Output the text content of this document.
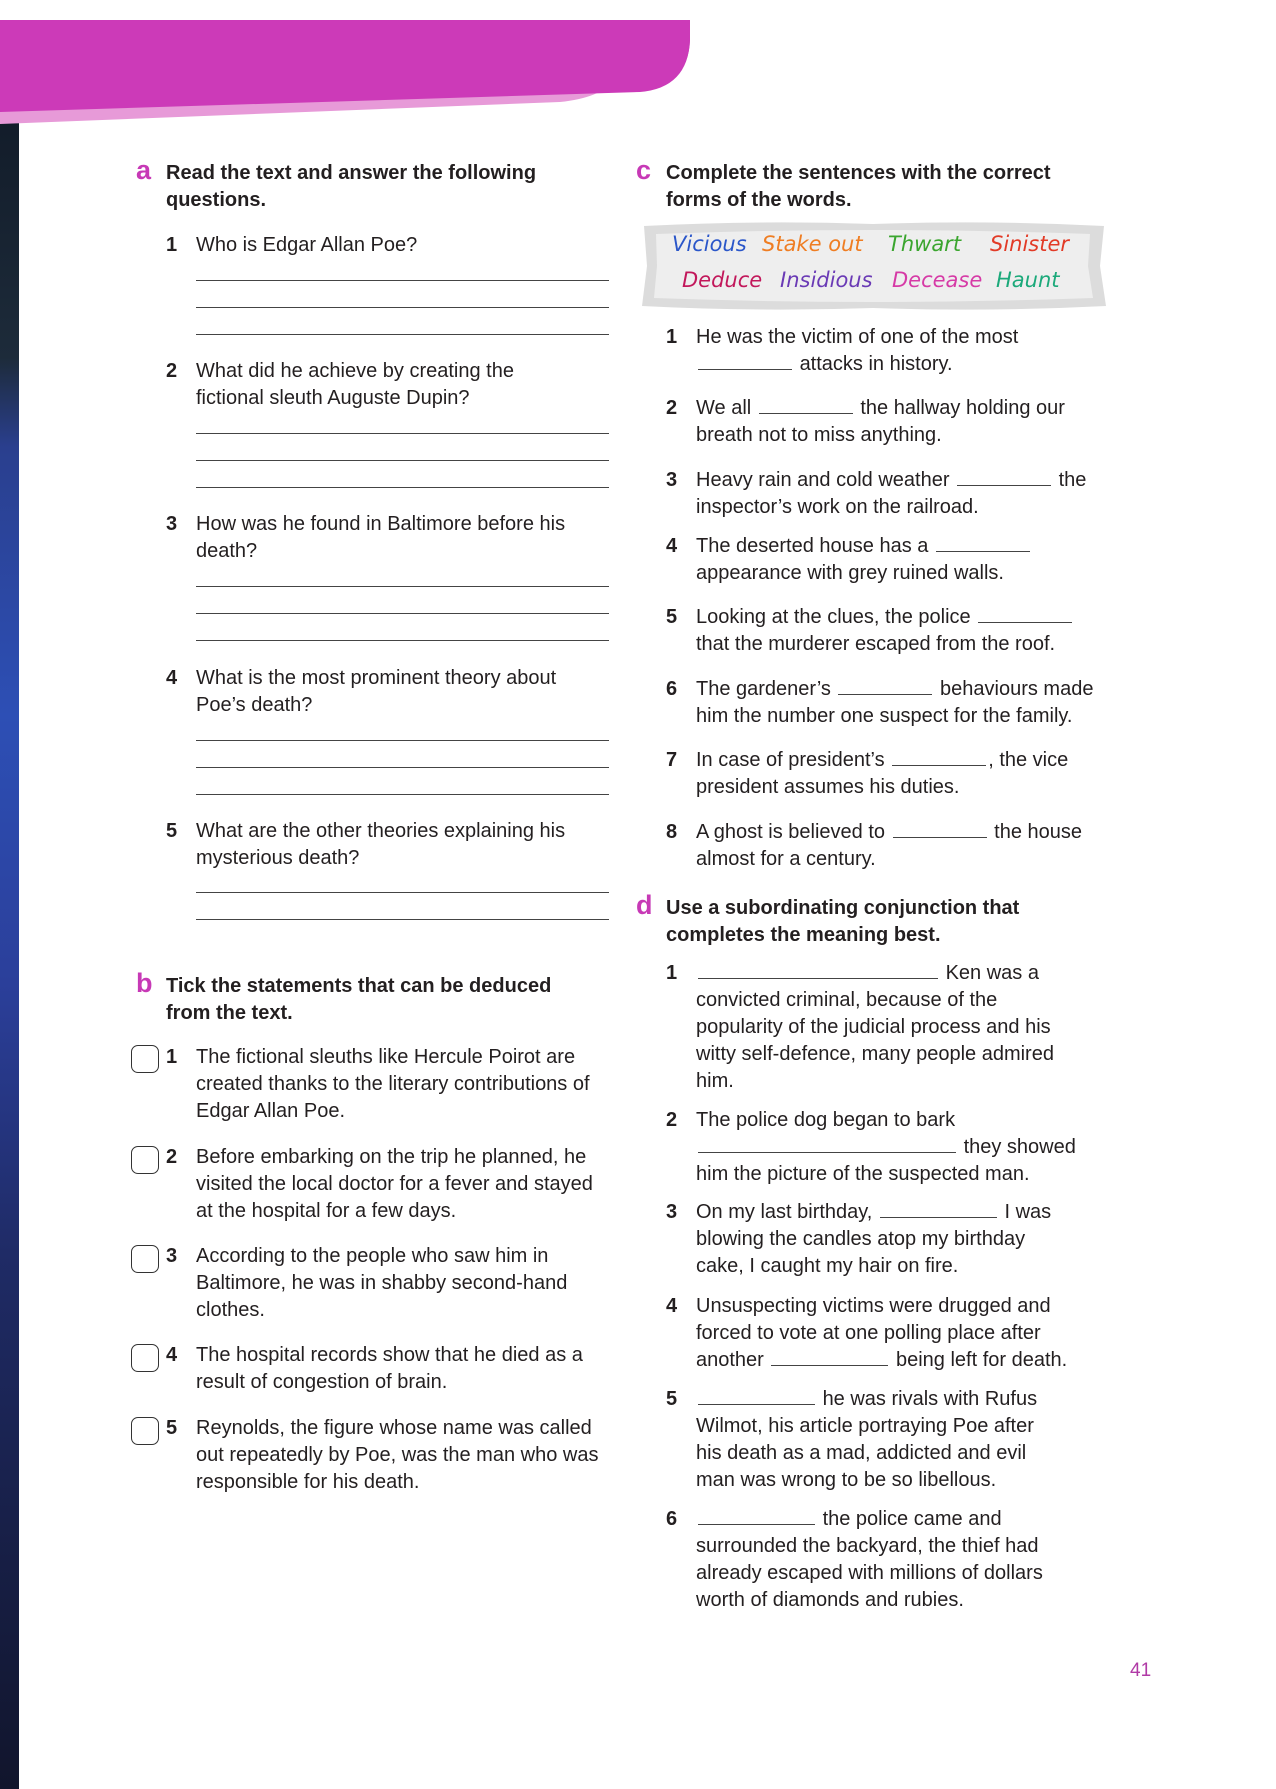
a Read the text and answer the following questions.
1 Who is Edgar Allan Poe?
2 What did he achieve by creating the fictional sleuth Auguste Dupin?
3 How was he found in Baltimore before his death?
4 What is the most prominent theory about Poe’s death?
5 What are the other theories explaining his mysterious death?
b Tick the statements that can be deduced from the text.
1 The fictional sleuths like Hercule Poirot are created thanks to the literary contributions of Edgar Allan Poe.
2 Before embarking on the trip he planned, he visited the local doctor for a fever and stayed at the hospital for a few days.
3 According to the people who saw him in Baltimore, he was in shabby second-hand clothes.
4 The hospital records show that he died as a result of congestion of brain.
5 Reynolds, the figure whose name was called out repeatedly by Poe, was the man who was responsible for his death.
c Complete the sentences with the correct forms of the words.
Vicious Stake out Thwart Sinister
Deduce Insidious Decease Haunt
1 He was the victim of one of the most
attacks in history.
2 We all	the hallway holding our
breath not to miss anything.
3 Heavy rain and cold weather	the
inspector’s work on the railroad.
4 The deserted house has a
appearance with grey ruined walls.
5 Looking at the clues, the police
that the murderer escaped from the roof.
6 The gardener’s	behaviours made
him the number one suspect for the family.
7 In case of president’s	, the vice
president assumes his duties.
8 A ghost is believed to	the house
almost for a century.
d Use a subordinating conjunction that completes the meaning best.
1	Ken was a
convicted criminal, because of the
popularity of the judicial process and his
witty self-defence, many people admired
him.
2 The police dog began to bark
they showed
him the picture of the suspected man.
3 On my last birthday,	I was
blowing the candles atop my birthday
cake, I caught my hair on fire.
4 Unsuspecting victims were drugged and
forced to vote at one polling place after
another	being left for death.
5	he was rivals with Rufus
Wilmot, his article portraying Poe after
his death as a mad, addicted and evil
man was wrong to be so libellous.
6	the police came and
surrounded the backyard, the thief had
already escaped with millions of dollars
worth of diamonds and rubies.
41
